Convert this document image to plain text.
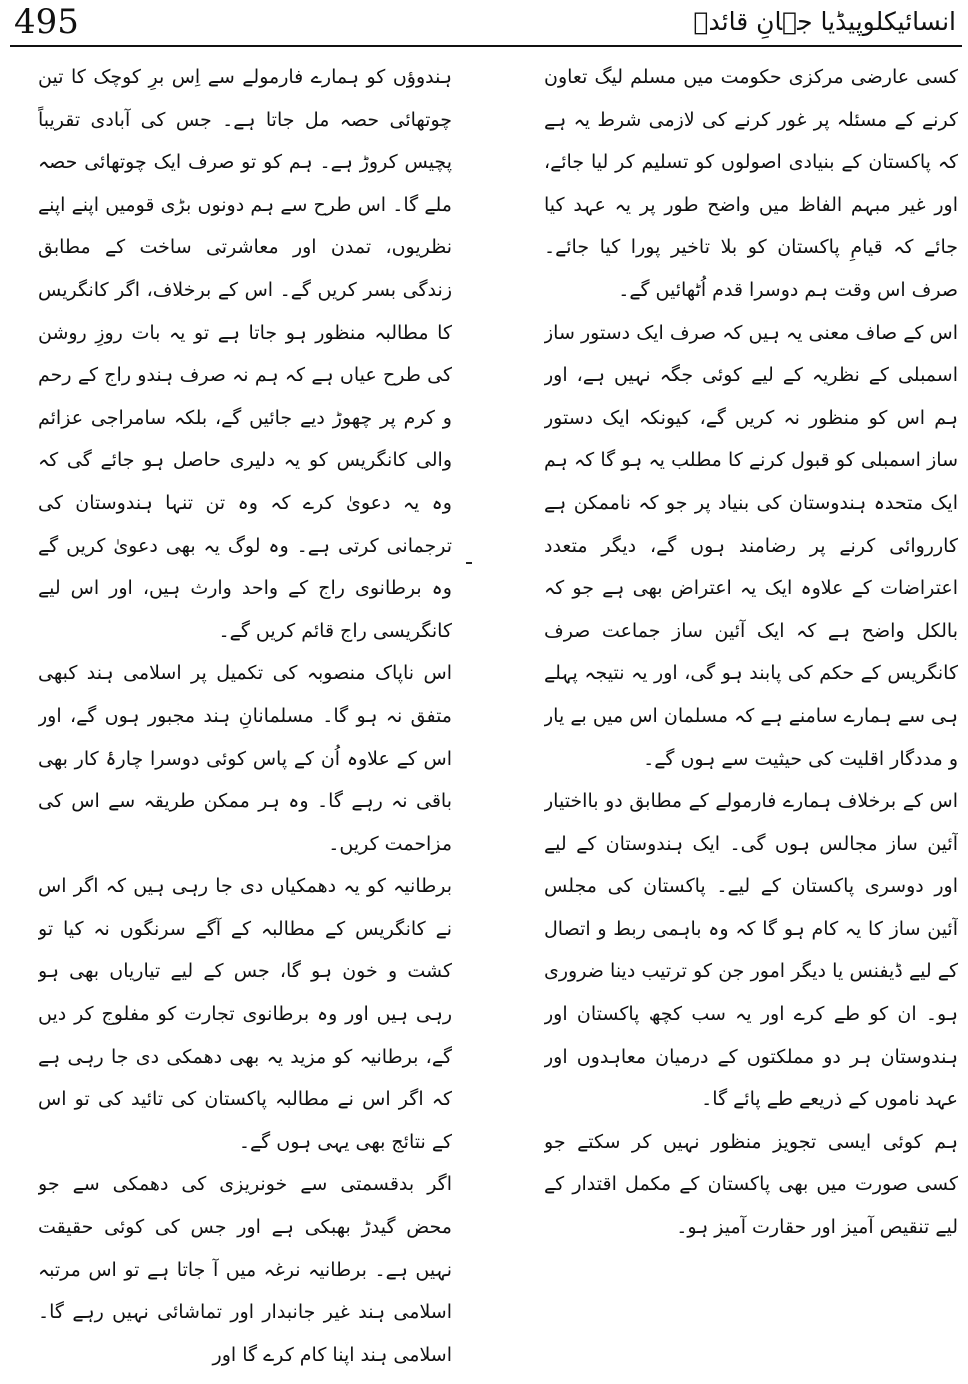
495	انسائیکلوپیڈیا جہانِ قائدؒ

کسی عارضی مرکزی حکومت میں مسلم لیگ تعاون کرنے کے مسئلہ پر غور کرنے کی لازمی شرط یہ ہے کہ پاکستان کے بنیادی اصولوں کو تسلیم کر لیا جائے، اور غیر مبہم الفاظ میں واضح طور پر یہ عہد کیا جائے کہ قیامِ پاکستان کو بلا تاخیر پورا کیا جائے۔ صرف اس وقت ہم دوسرا قدم اُٹھائیں گے۔

اس کے صاف معنی یہ ہیں کہ صرف ایک دستور ساز اسمبلی کے نظریہ کے لیے کوئی جگہ نہیں ہے، اور ہم اس کو منظور نہ کریں گے، کیونکہ ایک دستور ساز اسمبلی کو قبول کرنے کا مطلب یہ ہو گا کہ ہم ایک متحدہ ہندوستان کی بنیاد پر جو کہ ناممکن ہے کارروائی کرنے پر رضامند ہوں گے، دیگر متعدد اعتراضات کے علاوہ ایک یہ اعتراض بھی ہے جو کہ بالکل واضح ہے کہ ایک آئین ساز جماعت صرف کانگریس کے حکم کی پابند ہو گی، اور یہ نتیجہ پہلے ہی سے ہمارے سامنے ہے کہ مسلمان اس میں بے یار و مددگار اقلیت کی حیثیت سے ہوں گے۔

اس کے برخلاف ہمارے فارمولے کے مطابق دو بااختیار آئین ساز مجالس ہوں گی۔ ایک ہندوستان کے لیے اور دوسری پاکستان کے لیے۔ پاکستان کی مجلس آئین ساز کا یہ کام ہو گا کہ وہ باہمی ربط و اتصال کے لیے ڈیفنس یا دیگر امور جن کو ترتیب دینا ضروری ہو۔ ان کو طے کرے اور یہ سب کچھ پاکستان اور ہندوستان ہر دو مملکتوں کے درمیان معاہدوں اور عہد ناموں کے ذریعے طے پائے گا۔

ہم کوئی ایسی تجویز منظور نہیں کر سکتے جو کسی صورت میں بھی پاکستان کے مکمل اقتدار کے لیے تنقیص آمیز اور حقارت آمیز ہو۔

ہندوؤں کو ہمارے فارمولے سے اِس برِ کوچک کا تین چوتھائی حصہ مل جاتا ہے۔ جس کی آبادی تقریباً پچیس کروڑ ہے۔ ہم کو تو صرف ایک چوتھائی حصہ ملے گا۔ اس طرح سے ہم دونوں بڑی قومیں اپنے اپنے نظریوں، تمدن اور معاشرتی ساخت کے مطابق زندگی بسر کریں گے۔ اس کے برخلاف، اگر کانگریس کا مطالبہ منظور ہو جاتا ہے تو یہ بات روزِ روشن کی طرح عیاں ہے کہ ہم نہ صرف ہندو راج کے رحم و کرم پر چھوڑ دیے جائیں گے، بلکہ سامراجی عزائم والی کانگریس کو یہ دلیری حاصل ہو جائے گی کہ وہ یہ دعویٰ کرے کہ وہ تن تنہا ہندوستان کی ترجمانی کرتی ہے۔ وہ لوگ یہ بھی دعویٰ کریں گے وہ برطانوی راج کے واحد وارث ہیں، اور اس لیے کانگریسی راج قائم کریں گے۔

اس ناپاک منصوبہ کی تکمیل پر اسلامی ہند کبھی متفق نہ ہو گا۔ مسلمانانِ ہند مجبور ہوں گے، اور اس کے علاوہ اُن کے پاس کوئی دوسرا چارۂ کار بھی باقی نہ رہے گا۔ وہ ہر ممکن طریقہ سے اس کی مزاحمت کریں۔

برطانیہ کو یہ دھمکیاں دی جا رہی ہیں کہ اگر اس نے کانگریس کے مطالبہ کے آگے سرنگوں نہ کیا تو کشت و خون ہو گا، جس کے لیے تیاریاں بھی ہو رہی ہیں اور وہ برطانوی تجارت کو مفلوج کر دیں گے، برطانیہ کو مزید یہ بھی دھمکی دی جا رہی ہے کہ اگر اس نے مطالبہ پاکستان کی تائید کی تو اس کے نتائج بھی یہی ہوں گے۔

اگر بدقسمتی سے خونریزی کی دھمکی سے جو محض گیدڑ بھبکی ہے اور جس کی کوئی حقیقت نہیں ہے۔ برطانیہ نرغہ میں آ جاتا ہے تو اس مرتبہ اسلامی ہند غیر جانبدار اور تماشائی نہیں رہے گا۔ اسلامی ہند اپنا کام کرے گا اور
